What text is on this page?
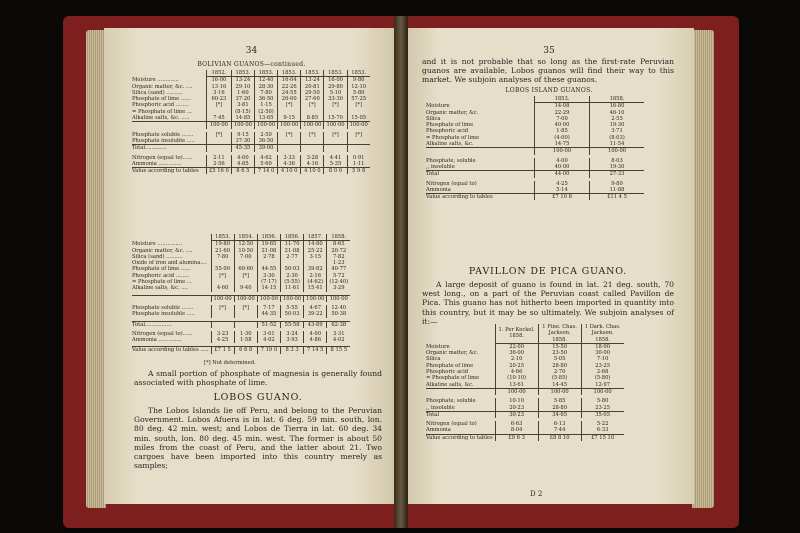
34
BOLIVIAN GUANOS—continued.
	1852.	1853.	1853.	1853.	1853.	1853.	1853.
Moisture .............	16·00	13·24	12·40	16·04	13·24	16·00	9·80
Organic matter, &c. ....	13·16	29·10	28·30	22·26	20·81	29·80	12·10
Silica (sand) ..........	3·16	1·60	7·80	24·55	29·50	5·10	5·80
Phosphate of lime ......	60·23	37·20	36·50	26·00	27·60	33·30	57·25
Phosphoric acid ........	[*]	3·81	1·15	[*]	[*]	[*]	[*]
= Phosphate of lime ...		(8·15)	(2·50)				
Alkaline salts, &c. .....	7·45	14·85	13·65	9·15	8·85	15·70	15·05
	100·00	100·00	100·00	100·00	100·00	100·00	100·00

Phosphate soluble .......	[*]	9·15	2·50	[*]	[*]	[*]	[*]
Phosphate insoluble .....		37·30	36·50				
Total.............		45·35	39·00				

Nitrogen (equal to)......	2·11	4·00	4·62	3·33	3·28	4·41	0·91
Ammonia ..............	2·56	4·85	5·60	4·36	4·16	5·35	1·11
Value according to tables	£5 16 0	8 6 5	7 14 0	4 10 0	4 10 0	8 0 0	5 9 8

	1853.	1854.	1856.	1856.	1857.	1858.
Moisture ...............	19·80	12·50	19·65	11·70	14·80	8·65
Organic matter, &c. ....	21·60	10·50	21·08	21·08	25·22	20·72
Silica (sand) ..........	7·80	7·00	2·78	2·77	3·15	7·82
Oxide of iron and alumina....						1·23
Phosphate of lime ......	55·00	60·60	44·55	50·03	39·82	40·77
Phosphoric acid ........	[*]	[*]	3·30	2·30	2·16	5·72
= Phosphate of lime ...			(7·17)	(5·55)	(4·62)	(12·40)
Alkaline salts, &c. ....	4·60	9·40	14·15	11·61	15·41	3·29

	100·00	100·00	100·00	100·00	100·00	100·00

Phosphate soluble .......	[*]	[*]	7·17	5·55	4·67	12·40
Phosphate insoluble .....			44·35	50·03	39·22	50·38

Total................			51·52	55·58	43·89	62·38

Nitrogen (equal to)......	3·23	1·30	3·01	3·24	4·00	3·31
Ammonia ..............	4·25	1·58	4·02	3·93	4·86	4·02

Value according to tables .....	£7 1 5	6 6 8	7 19 0	8 3 3	7 14 5	8 15 5

[*] Not determined.
A small portion of phosphate of magnesia is generally found associated with phosphate of lime.
LOBOS GUANO.
The Lobos Islands lie off Peru, and belong to the Peruvian Government. Lobos Afuera is in lat. 6 deg. 59 min. south, lon. 80 deg. 42 min. west; and Lobos de Tierra in lat. 60 deg. 34 min. south, lon. 80 deg. 45 min. west. The former is about 50 miles from the coast of Peru, and the latter about 21. Two cargoes have been imported into this country merely as samples;
35
and it is not probable that so long as the first-rate Peruvian guanos are available, Lobos guanos will find their way to this market. We subjoin analyses of these guanos.
LOBOS ISLAND GUANOS.
	1853.	1858.
Moisture	14·08	16·80
Organic matter, &c.	22·29	46·10
Silica	7·00	2·55
Phosphate of lime	40·00	19·30
Phosphoric acid	1·85	3·71
= Phosphate of lime	(4·00)	(8·03)
Alkaline salts, &c.	14·75	11·54
	100·00	100·00

Phosphate, soluble	4·00	8·03
,, insoluble	40·00	19·30
Total	44·00	27·33

Nitrogen (equal to)	4·25	9·80
Ammonia	5·14	11·88
Value according to tables	£7 10 8	£11 4 5

PAVILLON DE PICA GUANO.
A large deposit of guano is found in lat. 21 deg. south, 70 west long., on a part of the Peruvian coast called Pavillon de Pica. This guano has not hitherto been imported in quantity into this country, but it may be so ultimately. We subjoin analyses of it:—
	1. Per Keckel. 1858.	1 Fine. Chas. Jackson. 1858.	1 Dark. Chas. Jackson. 1858.
Moisture	22·00	15·50	18·00
Organic matter, &c.	36·00	23·50	30·00
Silica	2·10	5·05	7·10
Phosphate of lime	20·25	28·80	23·25
Phosphoric acid	4·66	2·70	2·68
= Phosphate of lime	(10·10)	(5·85)	(5·80)
Alkaline salts, &c.	13·61	14·45	12·97
	100·00	100·00	100·00

Phosphate, soluble	10·10	5·85	5·80
,, insoluble	20·23	28·80	23·25
Total	30·23	34·65	35·05

Nitrogen (equal to)	6·63	6·13	5·22
Ammonia	8·04	7·44	6·33
Value according to tables	£9 6 3	£8 8 10	£7 15 10

D 2
